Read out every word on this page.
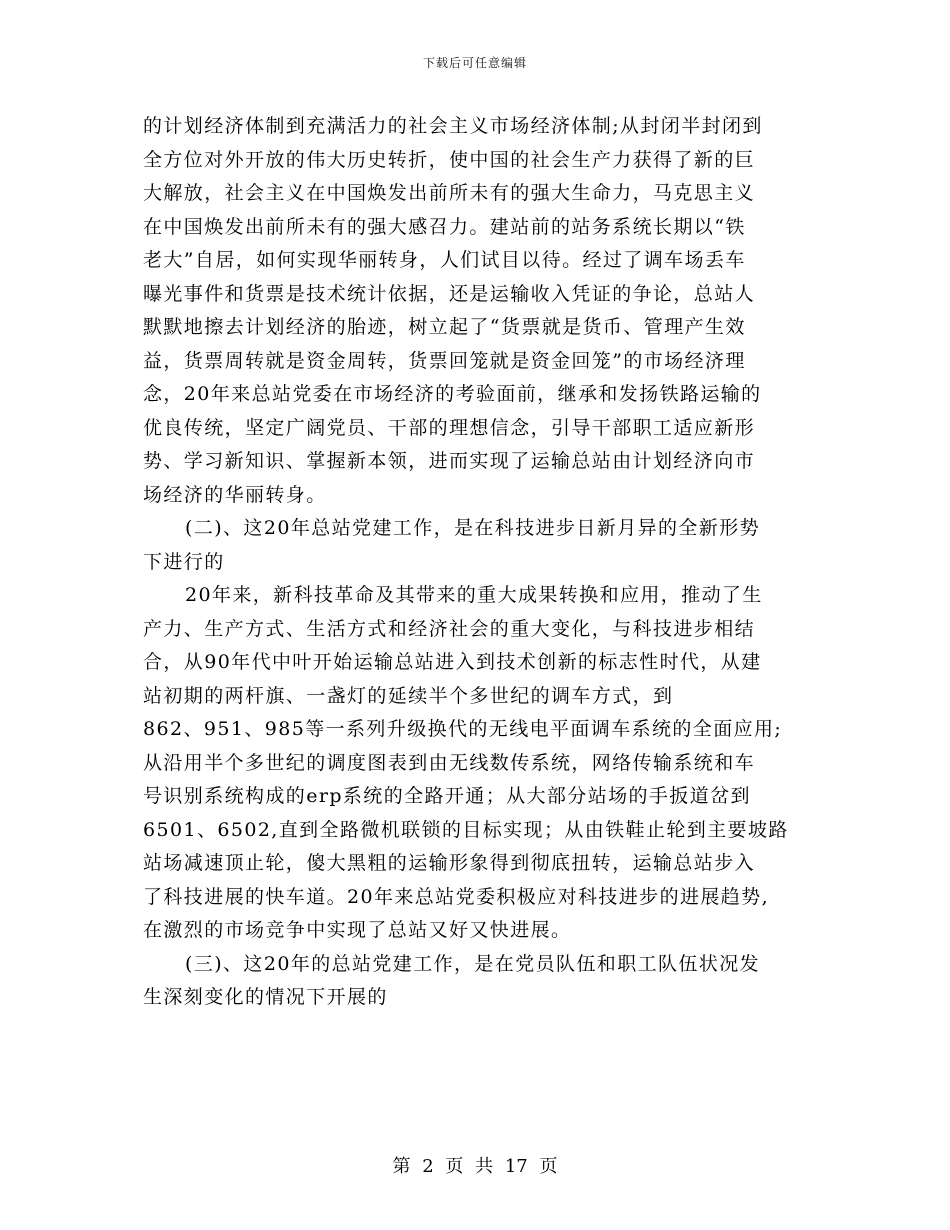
下载后可任意编辑

的计划经济体制到充满活力的社会主义市场经济体制;从封闭半封闭到
全方位对外开放的伟大历史转折，使中国的社会生产力获得了新的巨
大解放，社会主义在中国焕发出前所未有的强大生命力，马克思主义
在中国焕发出前所未有的强大感召力。建站前的站务系统长期以“铁
老大”自居，如何实现华丽转身，人们试目以待。经过了调车场丢车
曝光事件和货票是技术统计依据，还是运输收入凭证的争论，总站人
默默地擦去计划经济的胎迹，树立起了“货票就是货币、管理产生效
益，货票周转就是资金周转，货票回笼就是资金回笼”的市场经济理
念，20年来总站党委在市场经济的考验面前，继承和发扬铁路运输的
优良传统，坚定广阔党员、干部的理想信念，引导干部职工适应新形
势、学习新知识、掌握新本领，进而实现了运输总站由计划经济向市
场经济的华丽转身。

(二)、这20年总站党建工作，是在科技进步日新月异的全新形势
下进行的

20年来，新科技革命及其带来的重大成果转换和应用，推动了生
产力、生产方式、生活方式和经济社会的重大变化，与科技进步相结
合，从90年代中叶开始运输总站进入到技术创新的标志性时代，从建
站初期的两杆旗、一盏灯的延续半个多世纪的调车方式，到
862、951、985等一系列升级换代的无线电平面调车系统的全面应用;
从沿用半个多世纪的调度图表到由无线数传系统，网络传输系统和车
号识别系统构成的erp系统的全路开通；从大部分站场的手扳道岔到
6501、6502,直到全路微机联锁的目标实现；从由铁鞋止轮到主要坡路
站场减速顶止轮，傻大黑粗的运输形象得到彻底扭转，运输总站步入
了科技进展的快车道。20年来总站党委积极应对科技进步的进展趋势,
在激烈的市场竞争中实现了总站又好又快进展。

(三)、这20年的总站党建工作，是在党员队伍和职工队伍状况发
生深刻变化的情况下开展的

第 2 页 共 17 页
